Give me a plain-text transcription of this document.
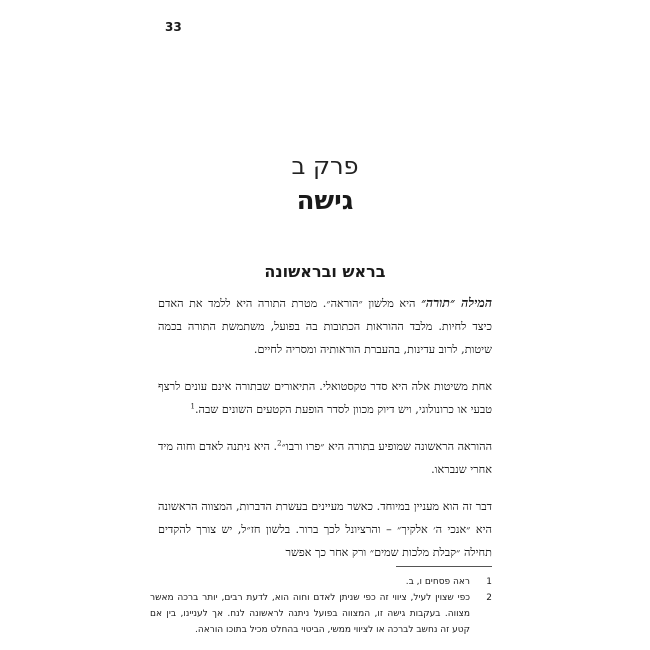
33
פרק ב
גישה
בראש ובראשונה

המילה ״תורה״ היא מלשון ״הוראה״. מטרת התורה היא ללמד את האדם כיצד לחיות. מלבד ההוראות הכתובות בה בפועל, משתמשת התורה בכמה שיטות, לרוב עדינות, בהעברת הוראותיה ומסריה לחיים.

אחת משיטות אלה היא סדר טקסטואלי. התיאורים שבתורה אינם עונים לרצף טבעי או כרונולוגי, ויש דיוק מכוון לסדר הופעת הקטעים השונים שבה.$^1$

ההוראה הראשונה שמופיע בתורה היא ״פרו ורבו״$^2$. היא ניתנה לאדם וחוה מיד אחרי שנבראו.

דבר זה הוא מעניין במיוחד. כאשר מעיינים בעשרת הדברות, המצווה הראשונה היא ״אנכי ה׳ אלקיך״ – והרציונל לכך ברור. בלשון חז״ל, יש צורך להקדים תחילה ״קבלת מלכות שמים״ ורק אחר כך אפשר

1
ראה פסחים ו, ב.
2
כפי שצוין לעיל, ציווי זה כפי שניתן לאדם וחוה הוא, לדעת רבים, יותר ברכה מאשר מצווה. בעקבות גישה זו, המצווה בפועל ניתנה לראשונה לנח. אך לעניינו, בין אם קטע זה נחשב לברכה או לציווי ממשי, הביטוי בהחלט מכיל בתוכו הוראה.
